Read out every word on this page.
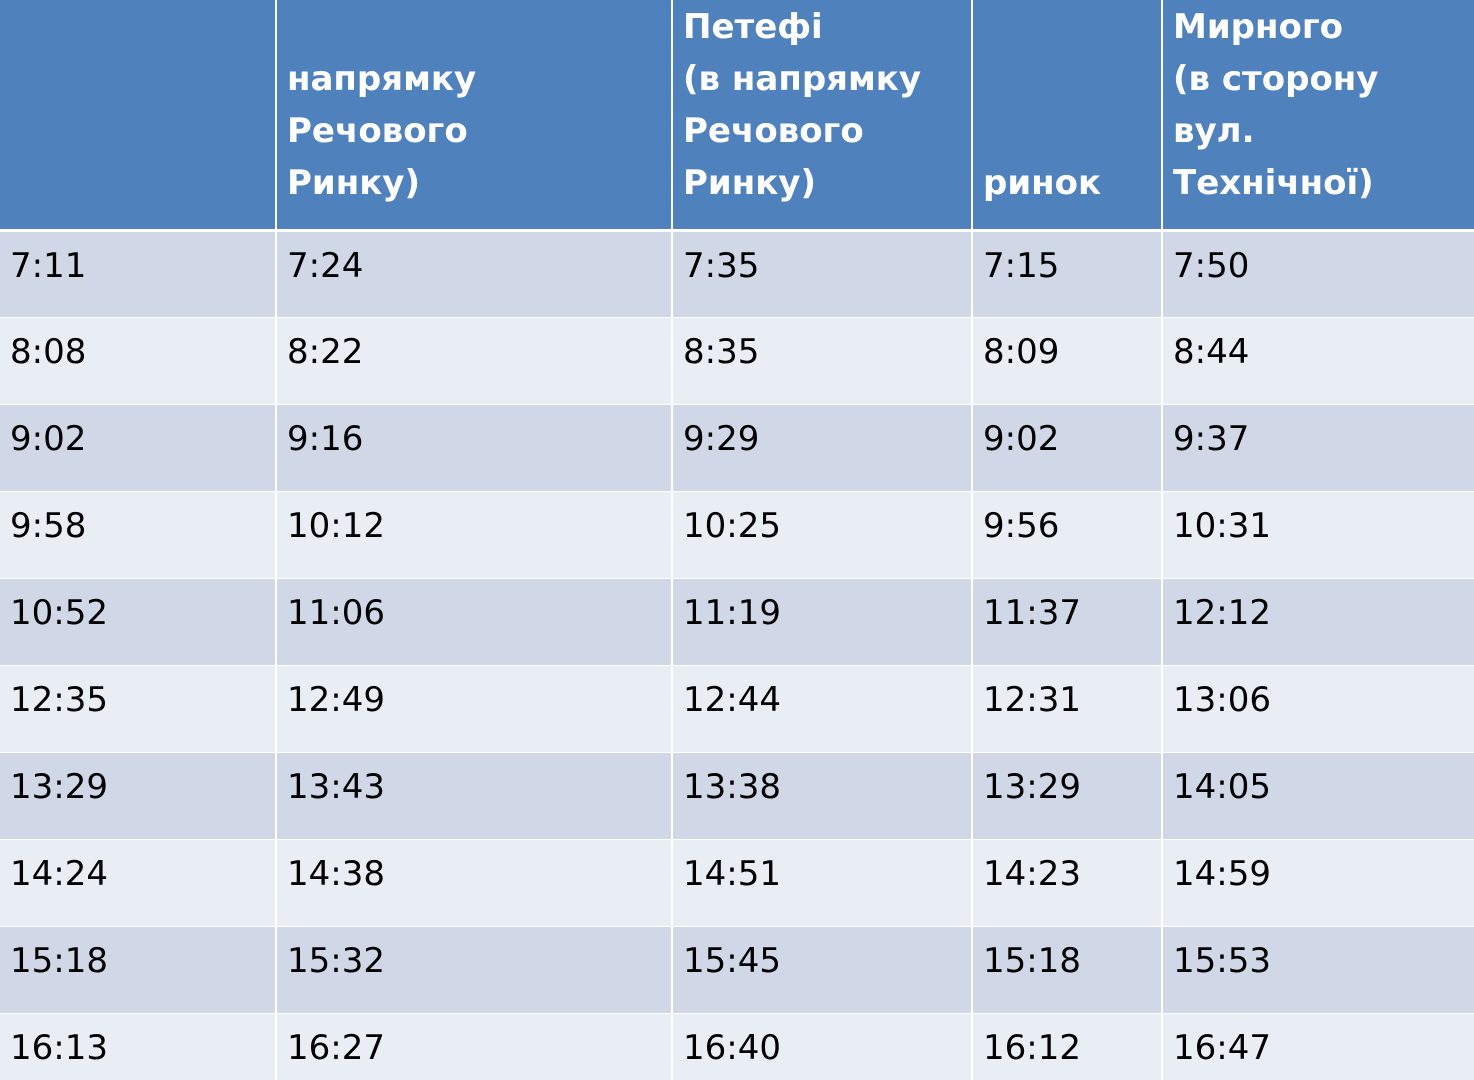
	напрямку Речового
Ринку)	Петефі
(в напрямку
Речового
Ринку)	ринок	Мирного
(в сторону вул.
Технічної)
7:11	7:24	7:35	7:15	7:50
8:08	8:22	8:35	8:09	8:44
9:02	9:16	9:29	9:02	9:37
9:58	10:12	10:25	9:56	10:31
10:52	11:06	11:19	11:37	12:12
12:35	12:49	12:44	12:31	13:06
13:29	13:43	13:38	13:29	14:05
14:24	14:38	14:51	14:23	14:59
15:18	15:32	15:45	15:18	15:53
16:13	16:27	16:40	16:12	16:47
